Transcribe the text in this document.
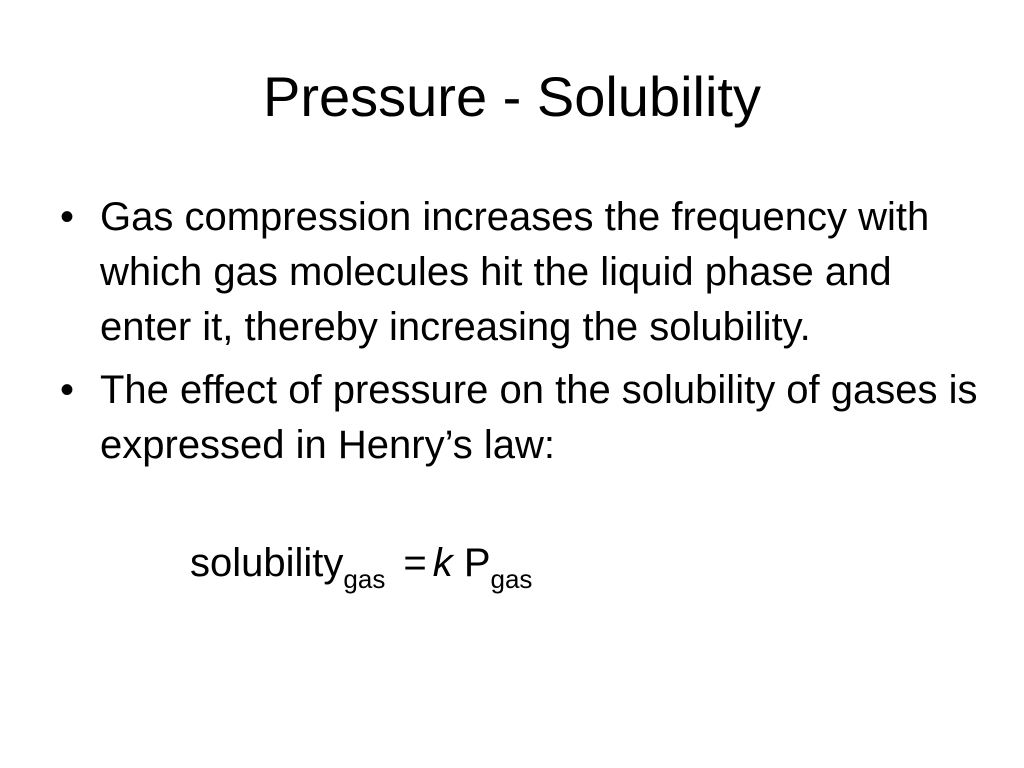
Pressure - Solubility
• Gas compression increases the frequency with which gas molecules hit the liquid phase and enter it, thereby increasing the solubility.
• The effect of pressure on the solubility of gases is expressed in Henry’s law:
solubility$_{gas}$ = k $P_{gas}$
